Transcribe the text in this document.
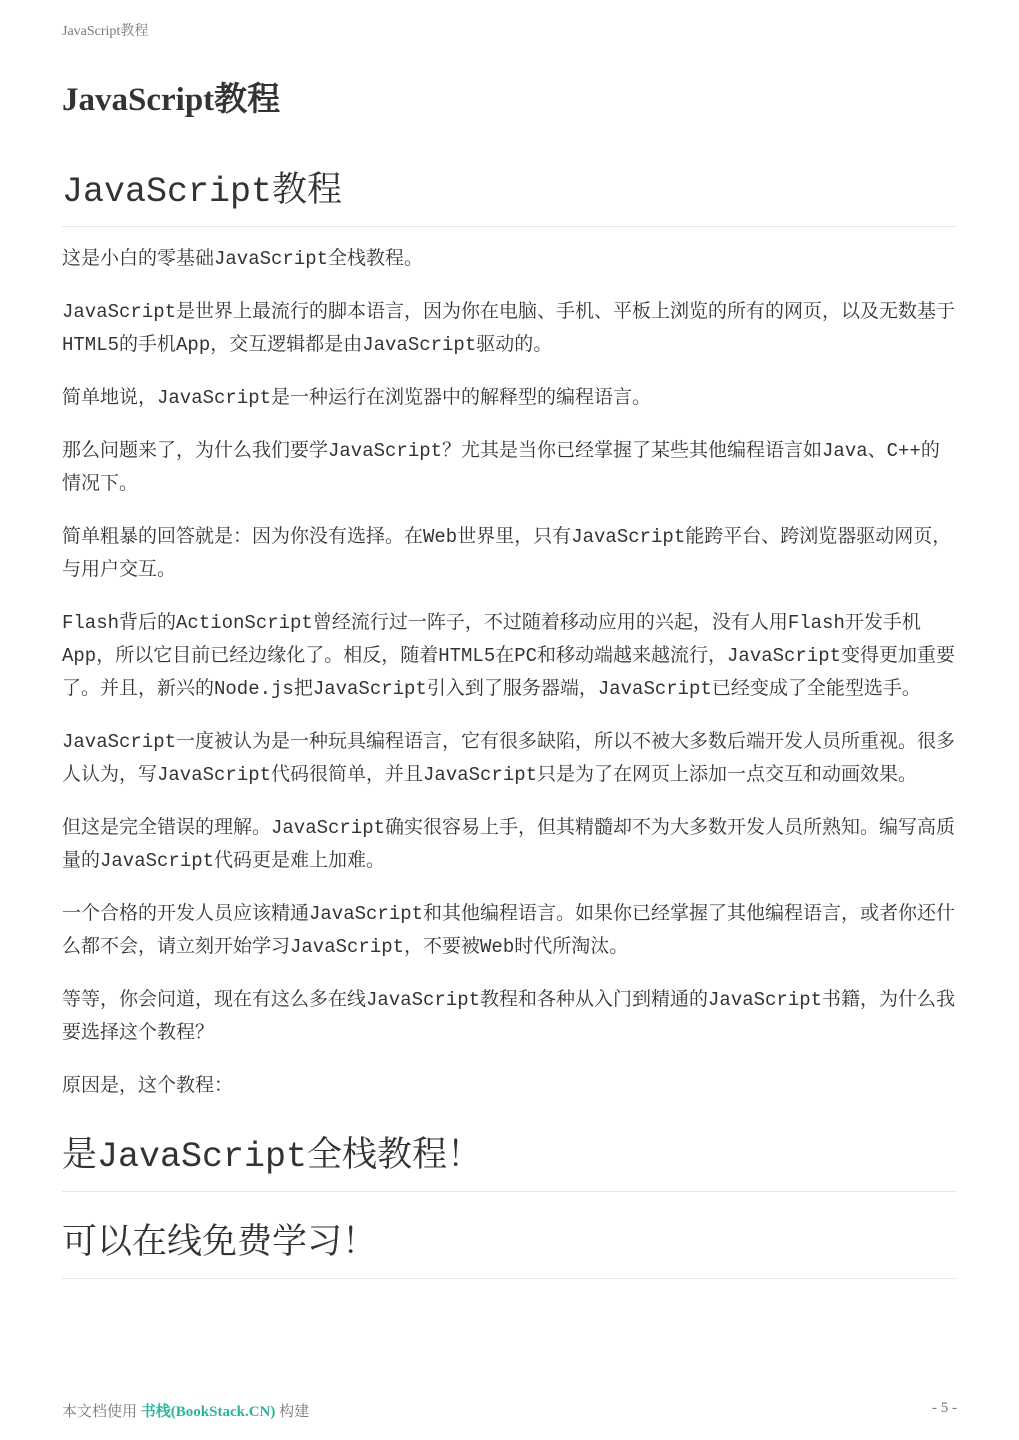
JavaScript教程
JavaScript教程
JavaScript教程

这是小白的零基础JavaScript全栈教程。

JavaScript是世界上最流行的脚本语言，因为你在电脑、手机、平板上浏览的所有的网页，以及无数基于HTML5的手机App，交互逻辑都是由JavaScript驱动的。

简单地说，JavaScript是一种运行在浏览器中的解释型的编程语言。

那么问题来了，为什么我们要学JavaScript？尤其是当你已经掌握了某些其他编程语言如Java、C++的情况下。

简单粗暴的回答就是：因为你没有选择。在Web世界里，只有JavaScript能跨平台、跨浏览器驱动网页，与用户交互。

Flash背后的ActionScript曾经流行过一阵子，不过随着移动应用的兴起，没有人用Flash开发手机App，所以它目前已经边缘化了。相反，随着HTML5在PC和移动端越来越流行，JavaScript变得更加重要了。并且，新兴的Node.js把JavaScript引入到了服务器端，JavaScript已经变成了全能型选手。

JavaScript一度被认为是一种玩具编程语言，它有很多缺陷，所以不被大多数后端开发人员所重视。很多人认为，写JavaScript代码很简单，并且JavaScript只是为了在网页上添加一点交互和动画效果。

但这是完全错误的理解。JavaScript确实很容易上手，但其精髓却不为大多数开发人员所熟知。编写高质量的JavaScript代码更是难上加难。

一个合格的开发人员应该精通JavaScript和其他编程语言。如果你已经掌握了其他编程语言，或者你还什么都不会，请立刻开始学习JavaScript，不要被Web时代所淘汰。

等等，你会问道，现在有这么多在线JavaScript教程和各种从入门到精通的JavaScript书籍，为什么我要选择这个教程？

原因是，这个教程：

是JavaScript全栈教程！
可以在线免费学习！
本文档使用 书栈(BookStack.CN) 构建	- 5 -
